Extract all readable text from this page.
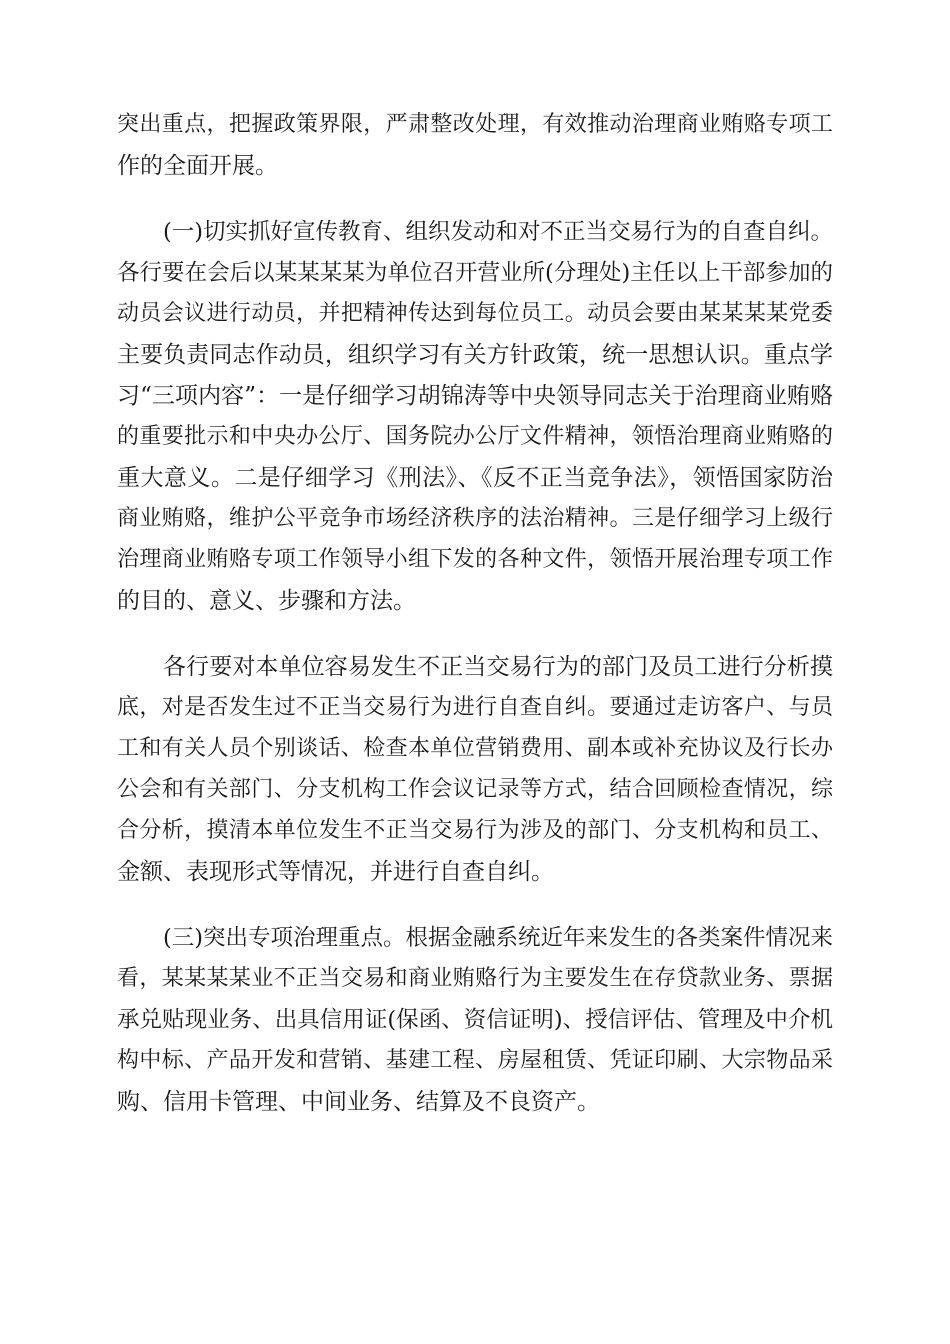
突出重点，把握政策界限，严肃整改处理，有效推动治理商业贿赂专项工

作的全面开展。

(一)切实抓好宣传教育、组织发动和对不正当交易行为的自查自纠。

各行要在会后以某某某某为单位召开营业所(分理处)主任以上干部参加的

动员会议进行动员，并把精神传达到每位员工。动员会要由某某某某党委

主要负责同志作动员，组织学习有关方针政策，统一思想认识。重点学

习“三项内容”：一是仔细学习胡锦涛等中央领导同志关于治理商业贿赂

的重要批示和中央办公厅、国务院办公厅文件精神，领悟治理商业贿赂的

重大意义。二是仔细学习《刑法》、《反不正当竞争法》，领悟国家防治

商业贿赂，维护公平竞争市场经济秩序的法治精神。三是仔细学习上级行

治理商业贿赂专项工作领导小组下发的各种文件，领悟开展治理专项工作

的目的、意义、步骤和方法。

各行要对本单位容易发生不正当交易行为的部门及员工进行分析摸

底，对是否发生过不正当交易行为进行自查自纠。要通过走访客户、与员

工和有关人员个别谈话、检查本单位营销费用、副本或补充协议及行长办

公会和有关部门、分支机构工作会议记录等方式，结合回顾检查情况，综

合分析，摸清本单位发生不正当交易行为涉及的部门、分支机构和员工、

金额、表现形式等情况，并进行自查自纠。

(三)突出专项治理重点。根据金融系统近年来发生的各类案件情况来

看，某某某某业不正当交易和商业贿赂行为主要发生在存贷款业务、票据

承兑贴现业务、出具信用证(保函、资信证明)、授信评估、管理及中介机

构中标、产品开发和营销、基建工程、房屋租赁、凭证印刷、大宗物品采

购、信用卡管理、中间业务、结算及不良资产。
